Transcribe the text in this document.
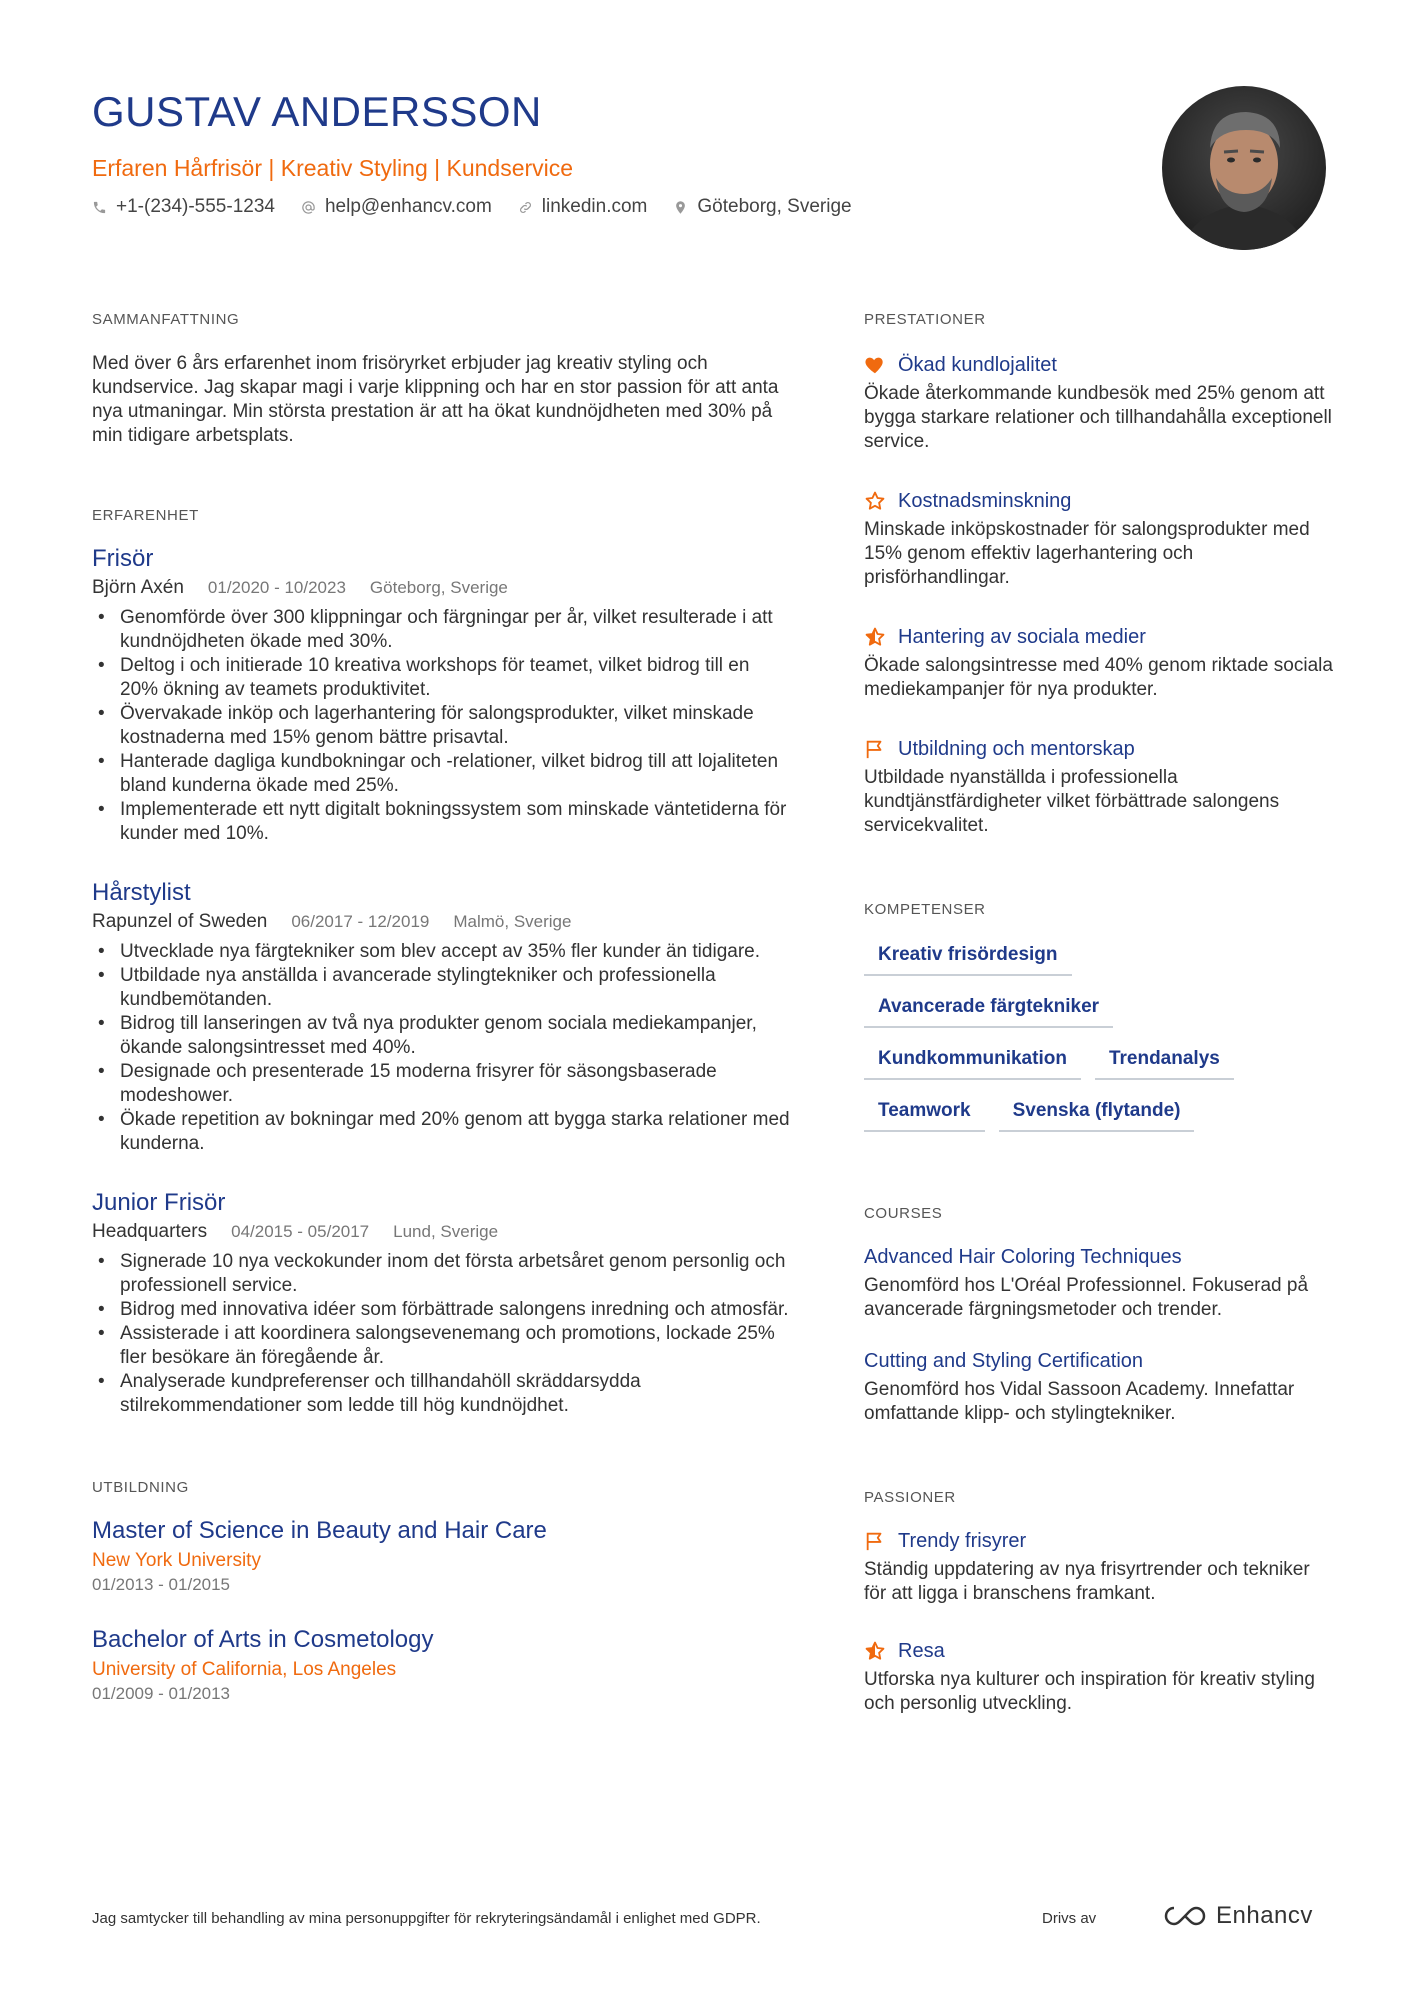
GUSTAV ANDERSSON
Erfaren Hårfrisör | Kreativ Styling | Kundservice
+1-(234)-555-1234	help@enhancv.com	linkedin.com	Göteborg, Sverige
SAMMANFATTNING
Med över 6 års erfarenhet inom frisöryrket erbjuder jag kreativ styling och kundservice. Jag skapar magi i varje klippning och har en stor passion för att anta nya utmaningar. Min största prestation är att ha ökat kundnöjdheten med 30% på min tidigare arbetsplats.
ERFARENHET
Frisör
Björn Axén 01/2020 - 10/2023 Göteborg, Sverige
• Genomförde över 300 klippningar och färgningar per år, vilket resulterade i att kundnöjdheten ökade med 30%.
• Deltog i och initierade 10 kreativa workshops för teamet, vilket bidrog till en 20% ökning av teamets produktivitet.
• Övervakade inköp och lagerhantering för salongsprodukter, vilket minskade kostnaderna med 15% genom bättre prisavtal.
• Hanterade dagliga kundbokningar och -relationer, vilket bidrog till att lojaliteten bland kunderna ökade med 25%.
• Implementerade ett nytt digitalt bokningssystem som minskade väntetiderna för kunder med 10%.
Hårstylist
Rapunzel of Sweden 06/2017 - 12/2019 Malmö, Sverige
• Utvecklade nya färgtekniker som blev accept av 35% fler kunder än tidigare.
• Utbildade nya anställda i avancerade stylingtekniker och professionella kundbemötanden.
• Bidrog till lanseringen av två nya produkter genom sociala mediekampanjer, ökande salongsintresset med 40%.
• Designade och presenterade 15 moderna frisyrer för säsongsbaserade modeshower.
• Ökade repetition av bokningar med 20% genom att bygga starka relationer med kunderna.
Junior Frisör
Headquarters 04/2015 - 05/2017 Lund, Sverige
• Signerade 10 nya veckokunder inom det första arbetsåret genom personlig och professionell service.
• Bidrog med innovativa idéer som förbättrade salongens inredning och atmosfär.
• Assisterade i att koordinera salongsevenemang och promotions, lockade 25% fler besökare än föregående år.
• Analyserade kundpreferenser och tillhandahöll skräddarsydda stilrekommendationer som ledde till hög kundnöjdhet.
UTBILDNING
Master of Science in Beauty and Hair Care
New York University
01/2013 - 01/2015
Bachelor of Arts in Cosmetology
University of California, Los Angeles
01/2009 - 01/2013
PRESTATIONER
Ökad kundlojalitet
Ökade återkommande kundbesök med 25% genom att bygga starkare relationer och tillhandahålla exceptionell service.
Kostnadsminskning
Minskade inköpskostnader för salongsprodukter med 15% genom effektiv lagerhantering och prisförhandlingar.
Hantering av sociala medier
Ökade salongsintresse med 40% genom riktade sociala mediekampanjer för nya produkter.
Utbildning och mentorskap
Utbildade nyanställda i professionella kundtjänstfärdigheter vilket förbättrade salongens servicekvalitet.
KOMPETENSER
Kreativ frisördesign
Avancerade färgtekniker
Kundkommunikation	Trendanalys
Teamwork	Svenska (flytande)
COURSES
Advanced Hair Coloring Techniques
Genomförd hos L'Oréal Professionnel. Fokuserad på avancerade färgningsmetoder och trender.
Cutting and Styling Certification
Genomförd hos Vidal Sassoon Academy. Innefattar omfattande klipp- och stylingtekniker.
PASSIONER
Trendy frisyrer
Ständig uppdatering av nya frisyrtrender och tekniker för att ligga i branschens framkant.
Resa
Utforska nya kulturer och inspiration för kreativ styling och personlig utveckling.
Jag samtycker till behandling av mina personuppgifter för rekryteringsändamål i enlighet med GDPR.	Drivs av	Enhancv
